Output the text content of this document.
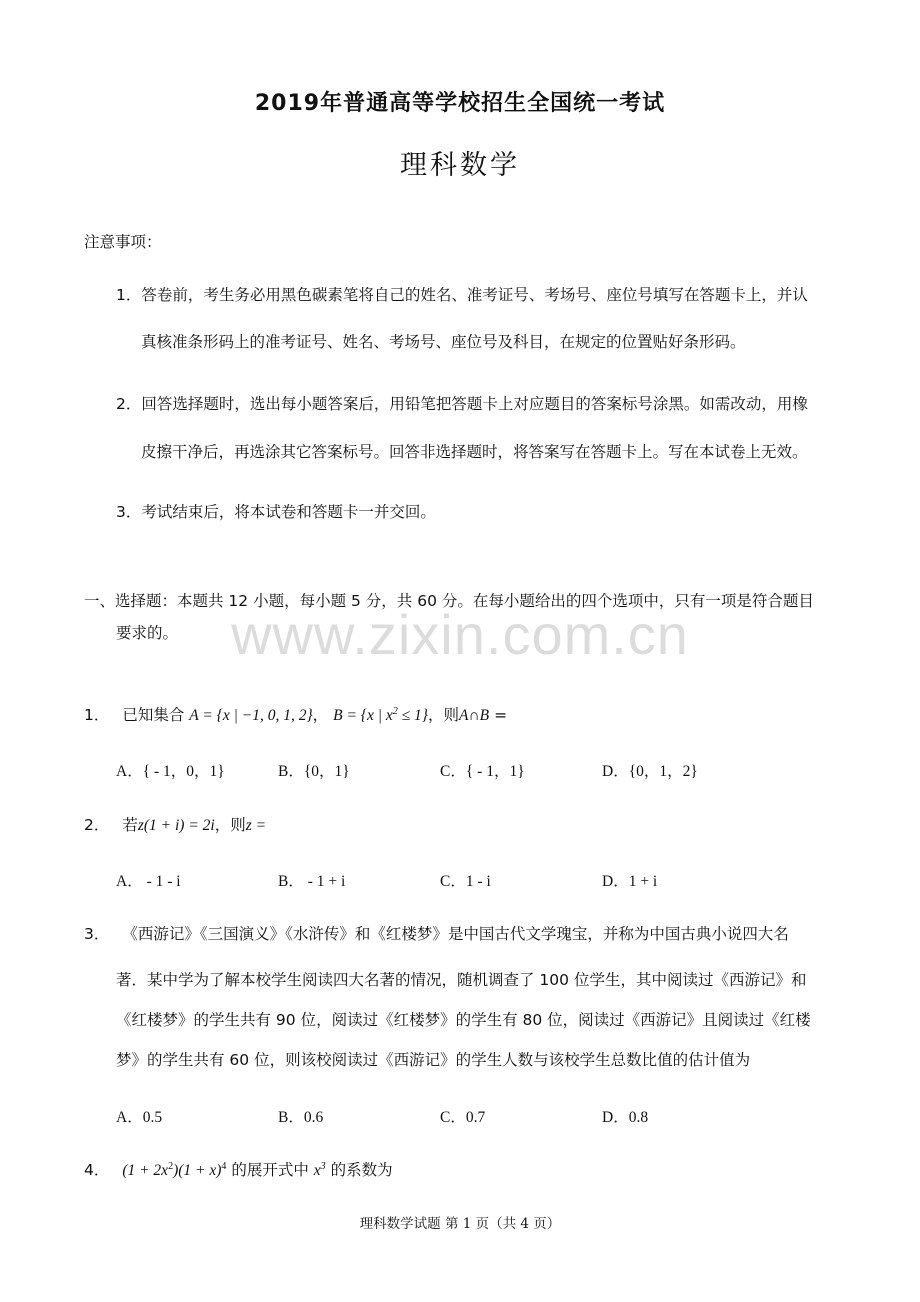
2019年普通高等学校招生全国统一考试
理科数学
注意事项：
1．答卷前，考生务必用黑色碳素笔将自己的姓名、准考证号、考场号、座位号填写在答题卡上，并认
真核准条形码上的准考证号、姓名、考场号、座位号及科目，在规定的位置贴好条形码。
2．回答选择题时，选出每小题答案后，用铅笔把答题卡上对应题目的答案标号涂黑。如需改动，用橡
皮擦干净后，再选涂其它答案标号。回答非选择题时，将答案写在答题卡上。写在本试卷上无效。
3．考试结束后，将本试卷和答题卡一并交回。
一、选择题：本题共 12 小题，每小题 5 分，共 60 分。在每小题给出的四个选项中，只有一项是符合题目
要求的。 www.zixin.com.cn
1． 已知集合 A = {x | −1, 0, 1, 2}， B = {x | $x^2 \le 1$}，则A∩B =
A．{ - 1，0，1}	B．{0，1}	C．{ - 1，1}	D．{0，1，2}
2． 若z(1 + i) = 2i，则z =
A． - 1 - i	B． - 1 + i	C．1 - i	D．1 + i
3． 《西游记》《三国演义》《水浒传》和《红楼梦》是中国古代文学瑰宝，并称为中国古典小说四大名
著．某中学为了解本校学生阅读四大名著的情况，随机调查了 100 位学生，其中阅读过《西游记》和
《红楼梦》的学生共有 90 位，阅读过《红楼梦》的学生有 80 位，阅读过《西游记》且阅读过《红楼
梦》的学生共有 60 位，则该校阅读过《西游记》的学生人数与该校学生总数比值的估计值为
A．0.5	B．0.6	C．0.7	D．0.8
4． $(1 + 2x^2)(1 + x)^4$ 的展开式中 $x^3$ 的系数为
理科数学试题 第 1 页（共 4 页）
